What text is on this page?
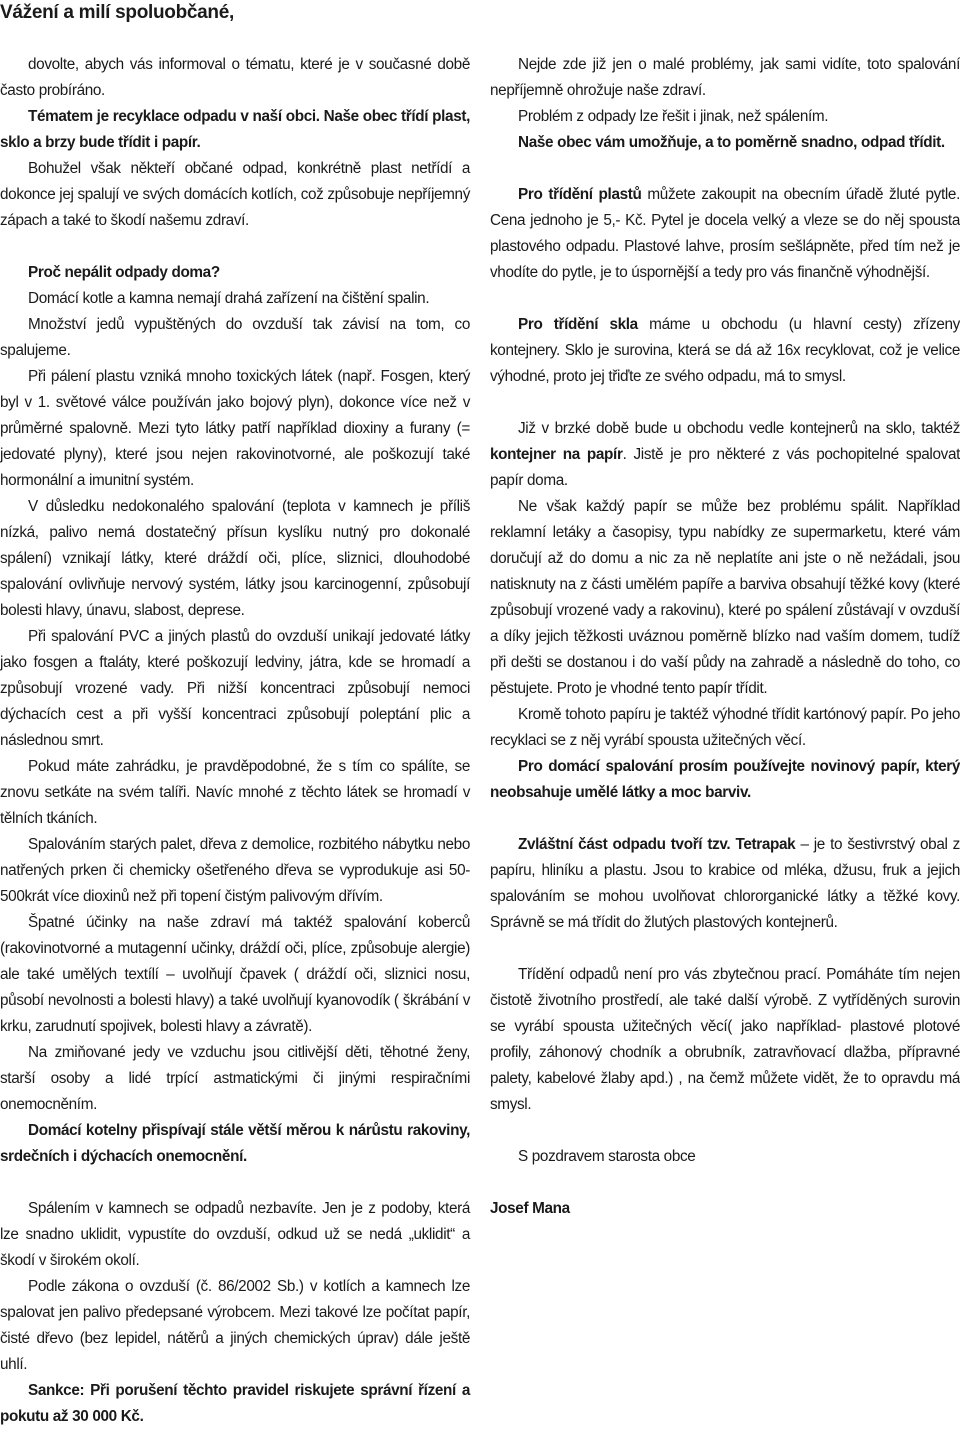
Vážení a milí spoluobčané,

dovolte, abych vás informoval o tématu, které je v současné době často probíráno.

Tématem je recyklace odpadu v naší obci. Naše obec třídí plast, sklo a brzy bude třídit i papír.

Bohužel však někteří občané odpad, konkrétně plast netřídí a dokonce jej spalují ve svých domácích kotlích, což způsobuje nepříjemný zápach a také to škodí našemu zdraví.

Proč nepálit odpady doma?

Domácí kotle a kamna nemají drahá zařízení na čištění spalin.

Množství jedů vypuštěných do ovzduší tak závisí na tom, co spalujeme.

Při pálení plastu vzniká mnoho toxických látek (např. Fosgen, který byl v 1. světové válce používán jako bojový plyn), dokonce více než v průměrné spalovně. Mezi tyto látky patří například dioxiny a furany (= jedovaté plyny), které jsou nejen rakovinotvorné, ale poškozují také hormonální a imunitní systém.

V důsledku nedokonalého spalování (teplota v kamnech je příliš nízká, palivo nemá dostatečný přísun kyslíku nutný pro dokonalé spálení) vznikají látky, které dráždí oči, plíce, sliznici, dlouhodobé spalování ovlivňuje nervový systém, látky jsou karcinogenní, způsobují bolesti hlavy, únavu, slabost, deprese.

Při spalování PVC a jiných plastů do ovzduší unikají jedovaté látky jako fosgen a ftaláty, které poškozují ledviny, játra, kde se hromadí a způsobují vrozené vady. Při nižší koncentraci způsobují nemoci dýchacích cest a při vyšší koncentraci způsobují poleptání plic a následnou smrt.

Pokud máte zahrádku, je pravděpodobné, že s tím co spálíte, se znovu setkáte na svém talíři. Navíc mnohé z těchto látek se hromadí v tělních tkáních.

Spalováním starých palet, dřeva z demolice, rozbitého nábytku nebo natřených prken či chemicky ošetřeného dřeva se vyprodukuje asi 50-500krát více dioxinů než při topení čistým palivovým dřívím.

Špatné účinky na naše zdraví má taktéž spalování koberců (rakovinotvorné a mutagenní učinky, dráždí oči, plíce, způsobuje alergie) ale také umělých textílí – uvolňují čpavek ( dráždí oči, sliznici nosu, působí nevolnosti a bolesti hlavy) a také uvolňují kyanovodík ( škrábání v krku, zarudnutí spojivek, bolesti hlavy a závratě).

Na zmiňované jedy ve vzduchu jsou citlivější děti, těhotné ženy, starší osoby a lidé trpící astmatickými či jinými respiračními onemocněním.

Domácí kotelny přispívají stále větší měrou k nárůstu rakoviny, srdečních i dýchacích onemocnění.

Spálením v kamnech se odpadů nezbavíte. Jen je z podoby, která lze snadno uklidit, vypustíte do ovzduší, odkud už se nedá „uklidit“ a škodí v širokém okolí.

Podle zákona o ovzduší (č. 86/2002 Sb.) v kotlích a kamnech lze spalovat jen palivo předepsané výrobcem. Mezi takové lze počítat papír, čisté dřevo (bez lepidel, nátěrů a jiných chemických úprav) dále ještě uhlí.

Sankce: Při porušení těchto pravidel riskujete správní řízení a pokutu až 30 000 Kč.

Nejde zde již jen o malé problémy, jak sami vidíte, toto spalování nepříjemně ohrožuje naše zdraví.

Problém z odpady lze řešit i jinak, než spálením.

Naše obec vám umožňuje, a to poměrně snadno, odpad třídit.

Pro třídění plastů můžete zakoupit na obecním úřadě žluté pytle. Cena jednoho je 5,- Kč. Pytel je docela velký a vleze se do něj spousta plastového odpadu. Plastové lahve, prosím sešlápněte, před tím než je vhodíte do pytle, je to úspornější a tedy pro vás finančně výhodnější.

Pro třídění skla máme u obchodu (u hlavní cesty) zřízeny kontejnery. Sklo je surovina, která se dá až 16x recyklovat, což je velice výhodné, proto jej třiďte ze svého odpadu, má to smysl.

Již v brzké době bude u obchodu vedle kontejnerů na sklo, taktéž kontejner na papír. Jistě je pro některé z vás pochopitelné spalovat papír doma.

Ne však každý papír se může bez problému spálit. Například reklamní letáky a časopisy, typu nabídky ze supermarketu, které vám doručují až do domu a nic za ně neplatíte ani jste o ně nežádali, jsou natisknuty na z části umělém papíře a barviva obsahují těžké kovy (které způsobují vrozené vady a rakovinu), které po spálení zůstávají v ovzduší a díky jejich těžkosti uváznou poměrně blízko nad vaším domem, tudíž při dešti se dostanou i do vaší půdy na zahradě a následně do toho, co pěstujete. Proto je vhodné tento papír třídit.

Kromě tohoto papíru je taktéž výhodné třídit kartónový papír. Po jeho recyklaci se z něj vyrábí spousta užitečných věcí.

Pro domácí spalování prosím používejte novinový papír, který neobsahuje umělé látky a moc barviv.

Zvláštní část odpadu tvoří tzv. Tetrapak – je to šestivrstvý obal z papíru, hliníku a plastu. Jsou to krabice od mléka, džusu, fruk a jejich spalováním se mohou uvolňovat chlororganické látky a těžké kovy. Správně se má třídit do žlutých plastových kontejnerů.

Třídění odpadů není pro vás zbytečnou prací. Pomáháte tím nejen čistotě životního prostředí, ale také další výrobě. Z vytříděných surovin se vyrábí spousta užitečných věcí( jako například- plastové plotové profily, záhonový chodník a obrubník, zatravňovací dlažba, přípravné palety, kabelové žlaby apd.) , na čemž můžete vidět, že to opravdu má smysl.

S pozdravem starosta obce

Josef Mana
